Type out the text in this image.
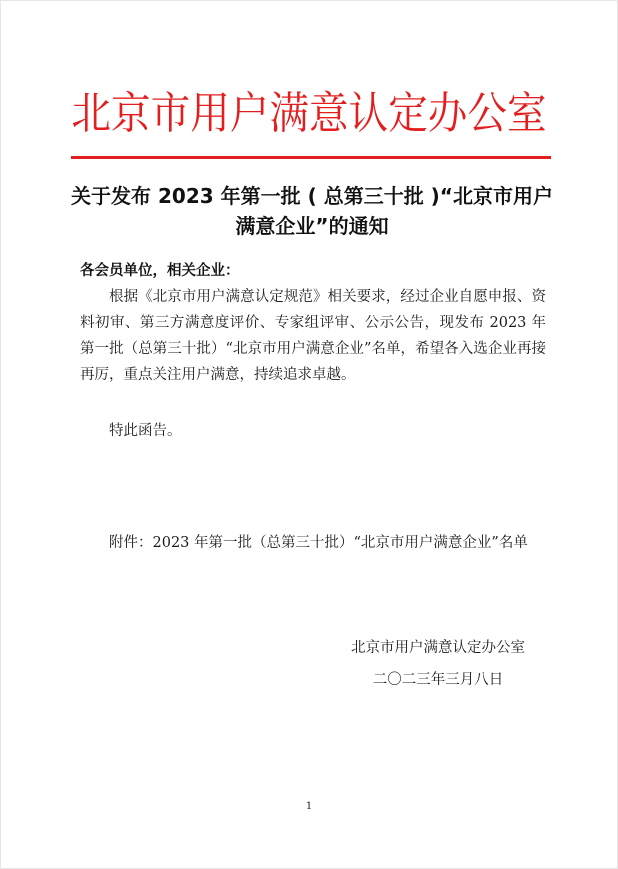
北京市用户满意认定办公室
关于发布 2023 年第一批 ( 总第三十批 )“北京市用户满意企业”的通知
各会员单位，相关企业：

根据《北京市用户满意认定规范》相关要求，经过企业自愿申报、资料初审、第三方满意度评价、专家组评审、公示公告，现发布 2023 年第一批（总第三十批）“北京市用户满意企业”名单，希望各入选企业再接再厉，重点关注用户满意，持续追求卓越。

特此函告。

附件：2023 年第一批（总第三十批）“北京市用户满意企业”名单

北京市用户满意认定办公室
二〇二三年三月八日
1
